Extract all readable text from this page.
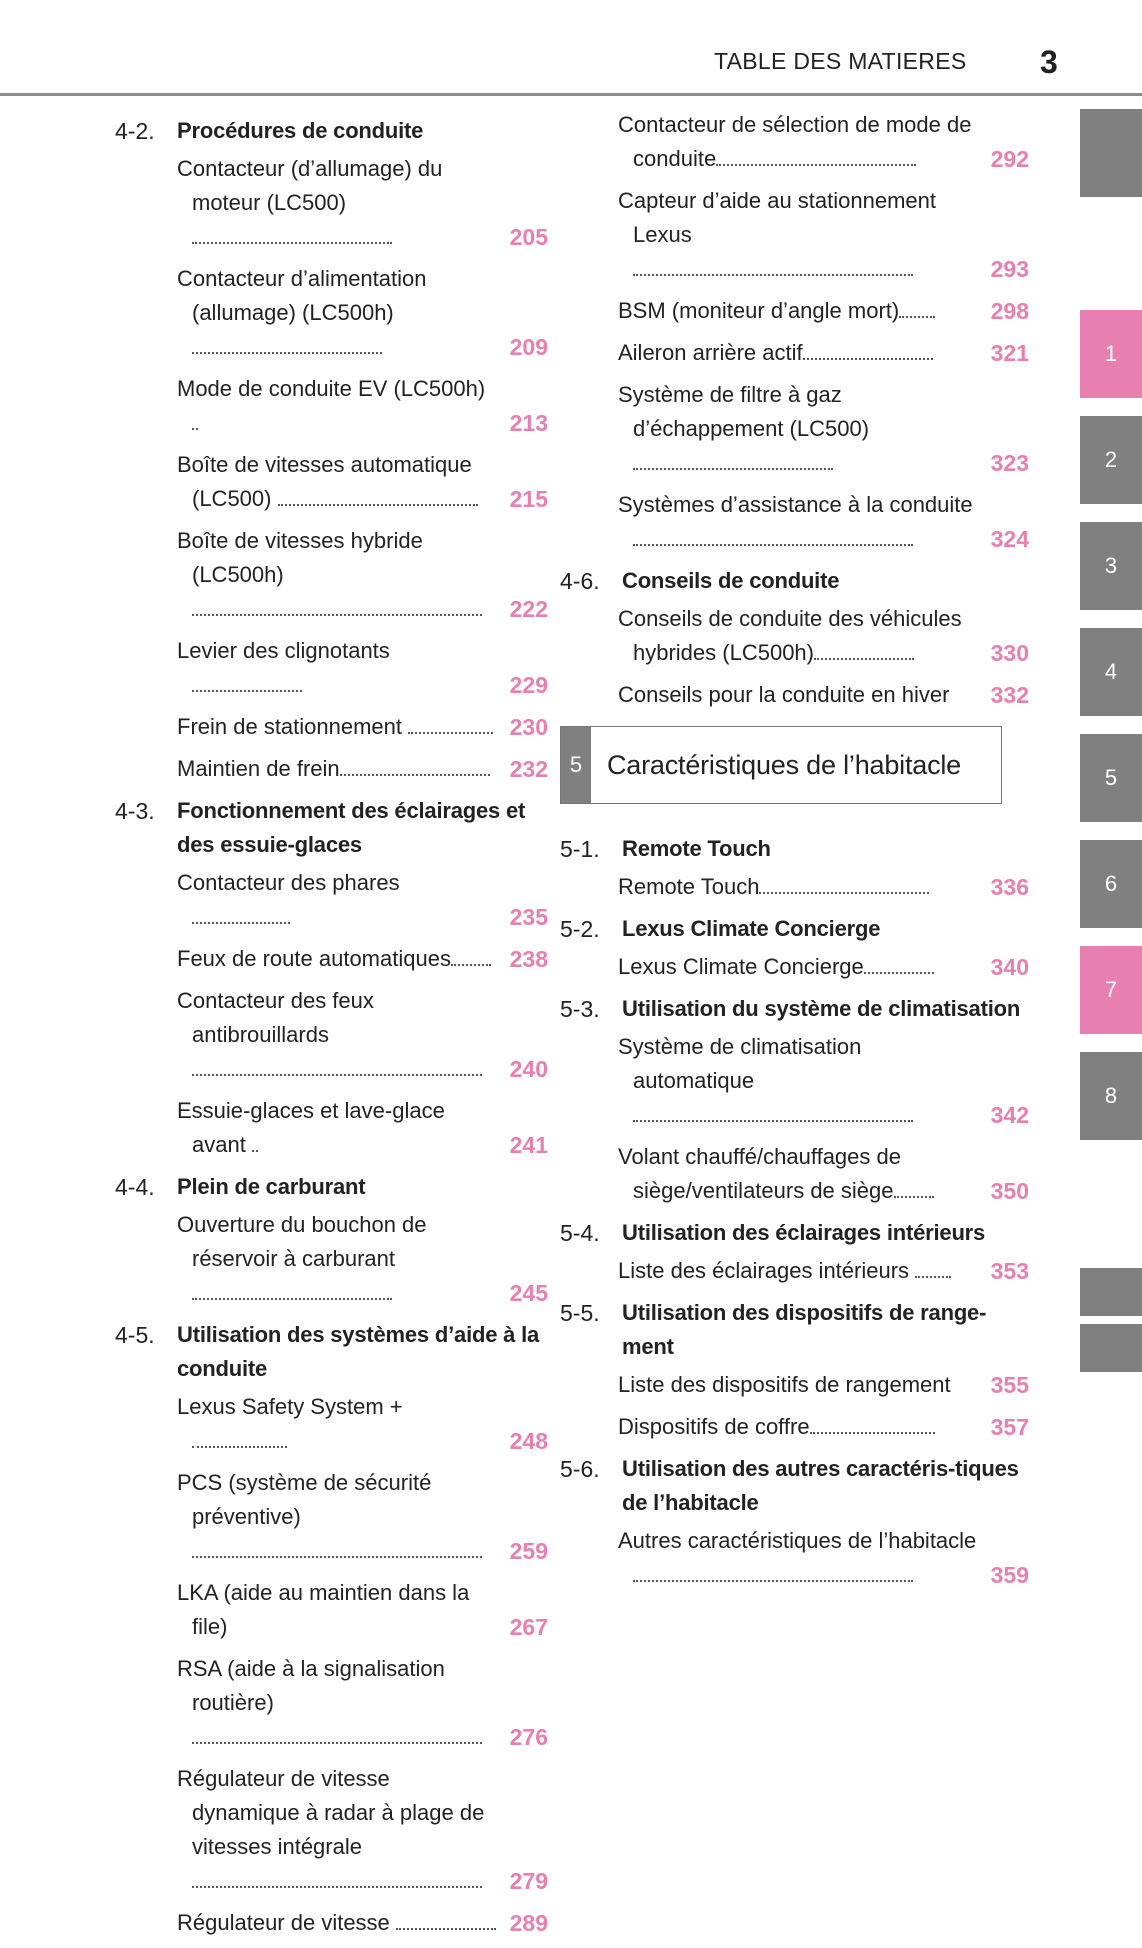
TABLE DES MATIERES 3
4-2.	Procédures de conduite
Contacteur (d’allumage) du moteur (LC500)
205
Contacteur d’alimentation (allumage) (LC500h)
209
Mode de conduite EV (LC500h)
213
Boîte de vitesses automatique (LC500)	215
Boîte de vitesses hybride (LC500h)
222
Levier des clignotants
229
Frein de stationnement	230
Maintien de frein	232
4-3.	Fonctionnement des éclairages et des essuie-glaces
Contacteur des phares
235
Feux de route automatiques	238
Contacteur des feux antibrouillards
240
Essuie-glaces et lave-glace avant	241
4-4.	Plein de carburant
Ouverture du bouchon de réservoir à carburant
245
4-5.	Utilisation des systèmes d’aide à la conduite
Lexus Safety System +
248
PCS (système de sécurité préventive)
259
LKA (aide au maintien dans la file)	267
RSA (aide à la signalisation routière)
276
Régulateur de vitesse dynamique à radar à plage de vitesses intégrale
279
Régulateur de vitesse	289
Contacteur de sélection de mode de conduite	292
Capteur d’aide au stationnement Lexus
293
BSM (moniteur d’angle mort)	298
Aileron arrière actif	321
Système de filtre à gaz d’échappement (LC500)
323
Systèmes d’assistance à la conduite
324
4-6.	Conseils de conduite
Conseils de conduite des véhicules hybrides (LC500h)	330
Conseils pour la conduite en hiver 332
5 Caractéristiques de l’habitacle
5-1.	Remote Touch
Remote Touch	336
5-2.	Lexus Climate Concierge
Lexus Climate Concierge	340
5-3.	Utilisation du système de climatisation
Système de climatisation automatique
342
Volant chauffé/chauffages de siège/ventilateurs de siège	350
5-4.	Utilisation des éclairages intérieurs
Liste des éclairages intérieurs	353
5-5.	Utilisation des dispositifs de range-ment
Liste des dispositifs de rangement 355
Dispositifs de coffre	357
5-6.	Utilisation des autres caractéris-tiques de l’habitacle
Autres caractéristiques de l’habitacle
359
1
2
3
4
5
6
7
8
